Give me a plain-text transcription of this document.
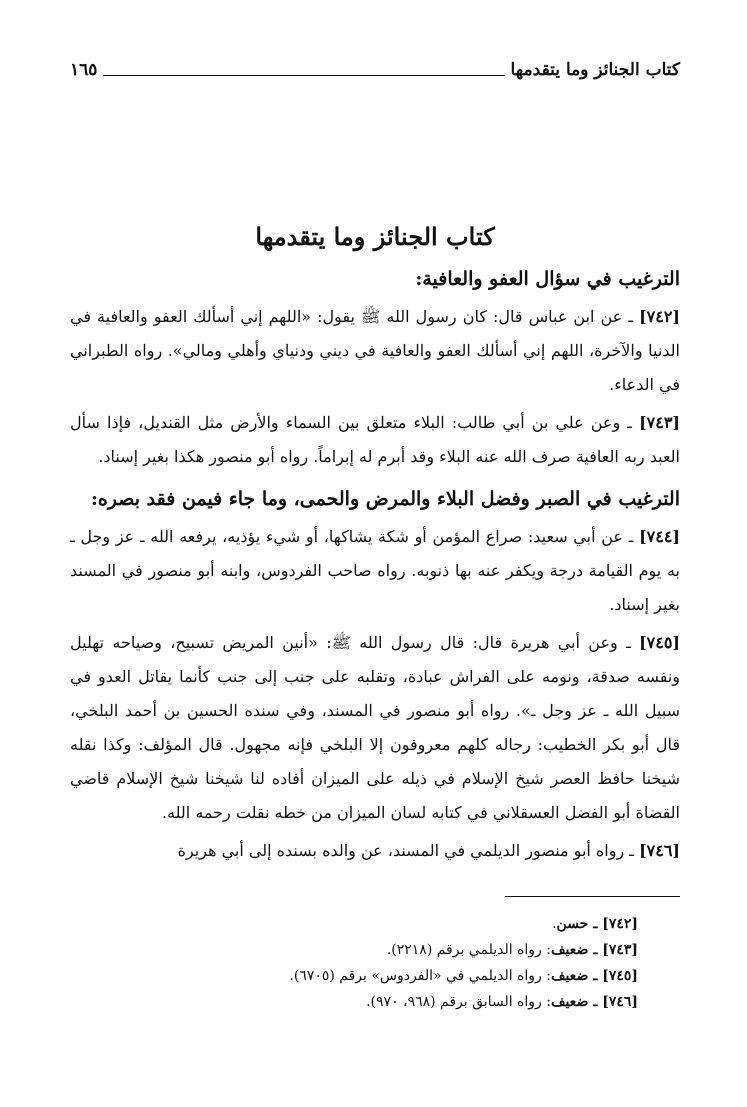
كتاب الجنائز وما يتقدمها
١٦٥
كتاب الجنائز وما يتقدمها
الترغيب في سؤال العفو والعافية:

[٧٤٢] ـ عن ابن عباس قال: كان رسول الله ﷺ يقول: «اللهم إني أسألك العفو والعافية في الدنيا والآخرة، اللهم إني أسألك العفو والعافية في ديني ودنياي وأهلي ومالي». رواه الطبراني في الدعاء.

[٧٤٣] ـ وعن علي بن أبي طالب: البلاء متعلق بين السماء والأرض مثل القنديل، فإذا سأل العبد ربه العافية صرف الله عنه البلاء وقد أبرم له إبراماً. رواه أبو منصور هكذا بغير إسناد.

الترغيب في الصبر وفضل البلاء والمرض والحمى، وما جاء فيمن فقد بصره:

[٧٤٤] ـ عن أبي سعيد: صراع المؤمن أو شكة يشاكها، أو شيء يؤذيه، يرفعه الله ـ عز وجل ـ به يوم القيامة درجة ويكفر عنه بها ذنوبه. رواه صاحب الفردوس، وابنه أبو منصور في المسند بغير إسناد.

[٧٤٥] ـ وعن أبي هريرة قال: قال رسول الله ﷺ: «أنين المريض تسبيح، وصياحه تهليل ونفسه صدقة، ونومه على الفراش عبادة، وتقلبه على جنب إلى جنب كأنما يقاتل العدو في سبيل الله ـ عز وجل ـ». رواه أبو منصور في المسند، وفي سنده الحسين بن أحمد البلخي، قال أبو بكر الخطيب: رجاله كلهم معروفون إلا البلخي فإنه مجهول. قال المؤلف: وكذا نقله شيخنا حافظ العصر شيخ الإسلام في ذيله على الميزان أفاده لنا شيخنا شيخ الإسلام قاضي القضاة أبو الفضل العسقلاني في كتابه لسان الميزان من خطه نقلت رحمه الله.

[٧٤٦] ـ رواه أبو منصور الديلمي في المسند، عن والده بسنده إلى أبي هريرة

[٧٤٢] ـ حسن.
[٧٤٣] ـ ضعيف: رواه الديلمي برقم (٢٢١٨).
[٧٤٥] ـ ضعيف: رواه الديلمي في «الفردوس» برقم (٦٧٠٥).
[٧٤٦] ـ ضعيف: رواه السابق برقم (٩٦٨، ٩٧٠).
